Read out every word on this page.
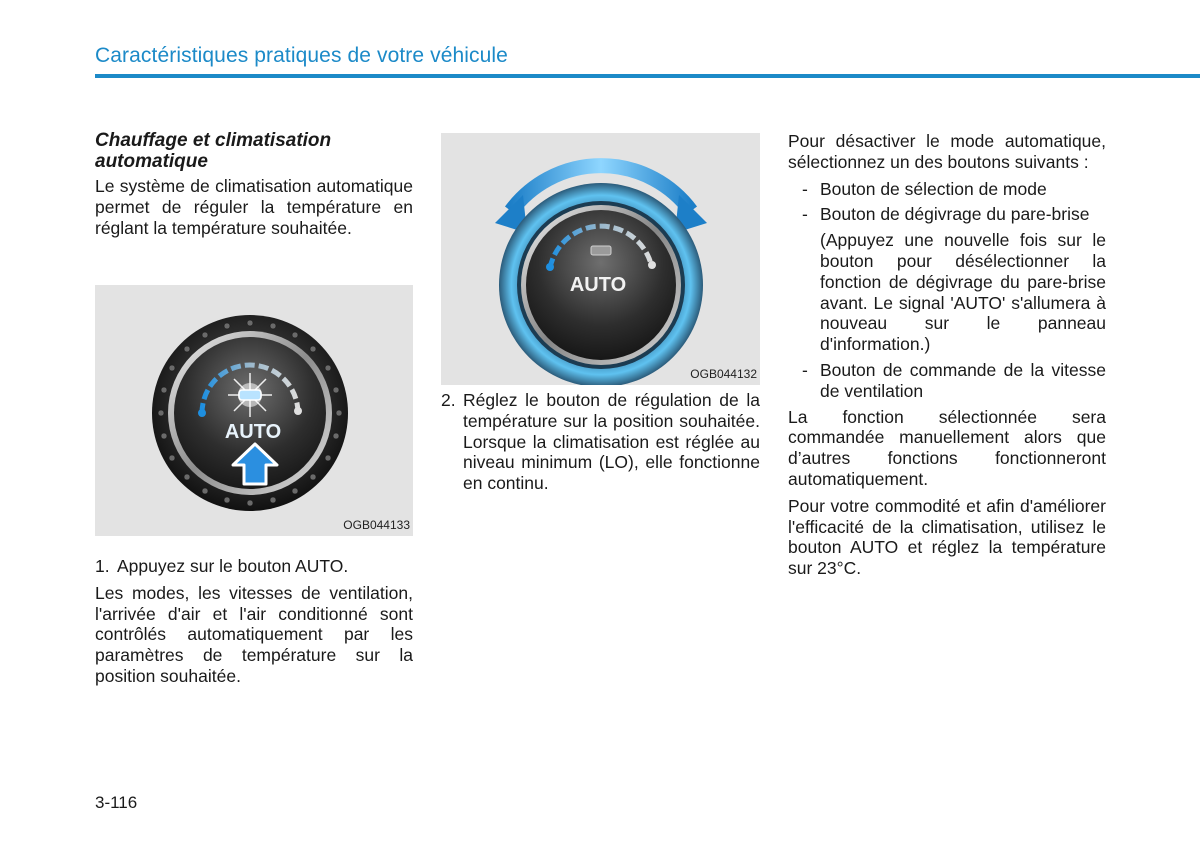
Caractéristiques pratiques de votre véhicule
Chauffage et climatisation automatique

Le système de climatisation automatique permet de réguler la température en réglant la température souhaitée.

AUTO
OGB044133

1. Appuyez sur le bouton AUTO.

Les modes, les vitesses de ventilation, l'arrivée d'air et l'air conditionné sont contrôlés automatiquement par les paramètres de température sur la position souhaitée.

AUTO
OGB044132

2. Réglez le bouton de régulation de la température sur la position souhaitée. Lorsque la climatisation est réglée au niveau minimum (LO), elle fonctionne en continu.

Pour désactiver le mode automatique, sélectionnez un des boutons suivants :

- Bouton de sélection de mode
- Bouton de dégivrage du pare-brise
(Appuyez une nouvelle fois sur le bouton pour désélectionner la fonction de dégivrage du pare-brise avant. Le signal 'AUTO' s'allumera à nouveau sur le panneau d'information.)
- Bouton de commande de la vitesse de ventilation

La fonction sélectionnée sera commandée manuellement alors que d’autres fonctions fonctionneront automatiquement.

Pour votre commodité et afin d'améliorer l'efficacité de la climatisation, utilisez le bouton AUTO et réglez la température sur 23°C.

3-116
